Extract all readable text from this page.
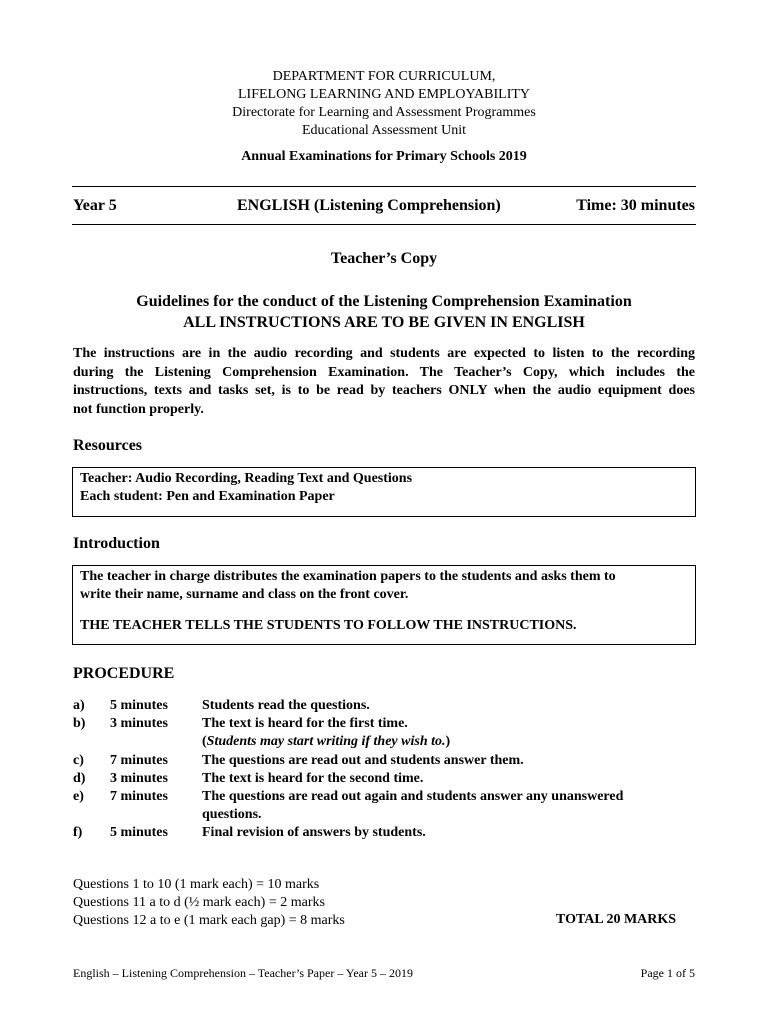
DEPARTMENT FOR CURRICULUM,
LIFELONG LEARNING AND EMPLOYABILITY
Directorate for Learning and Assessment Programmes
Educational Assessment Unit
Annual Examinations for Primary Schools 2019
Year 5	ENGLISH (Listening Comprehension)	Time: 30 minutes
Teacher’s Copy
Guidelines for the conduct of the Listening Comprehension Examination
ALL INSTRUCTIONS ARE TO BE GIVEN IN ENGLISH
The instructions are in the audio recording and students are expected to listen to the recording
during the Listening Comprehension Examination. The Teacher’s Copy, which includes the
instructions, texts and tasks set, is to be read by teachers ONLY when the audio equipment does
not function properly.
Resources
Teacher: Audio Recording, Reading Text and Questions
Each student: Pen and Examination Paper
Introduction
The teacher in charge distributes the examination papers to the students and asks them to
write their name, surname and class on the front cover.
THE TEACHER TELLS THE STUDENTS TO FOLLOW THE INSTRUCTIONS.
PROCEDURE
a) 5 minutes Students read the questions.
b) 3 minutes The text is heard for the first time.
(Students may start writing if they wish to.)
c) 7 minutes The questions are read out and students answer them.
d) 3 minutes The text is heard for the second time.
e) 7 minutes The questions are read out again and students answer any unanswered questions.
f) 5 minutes Final revision of answers by students.
Questions 1 to 10 (1 mark each) = 10 marks
Questions 11 a to d (½ mark each) = 2 marks
Questions 12 a to e (1 mark each gap) = 8 marks	TOTAL 20 MARKS
English – Listening Comprehension – Teacher’s Paper – Year 5 – 2019	Page 1 of 5
